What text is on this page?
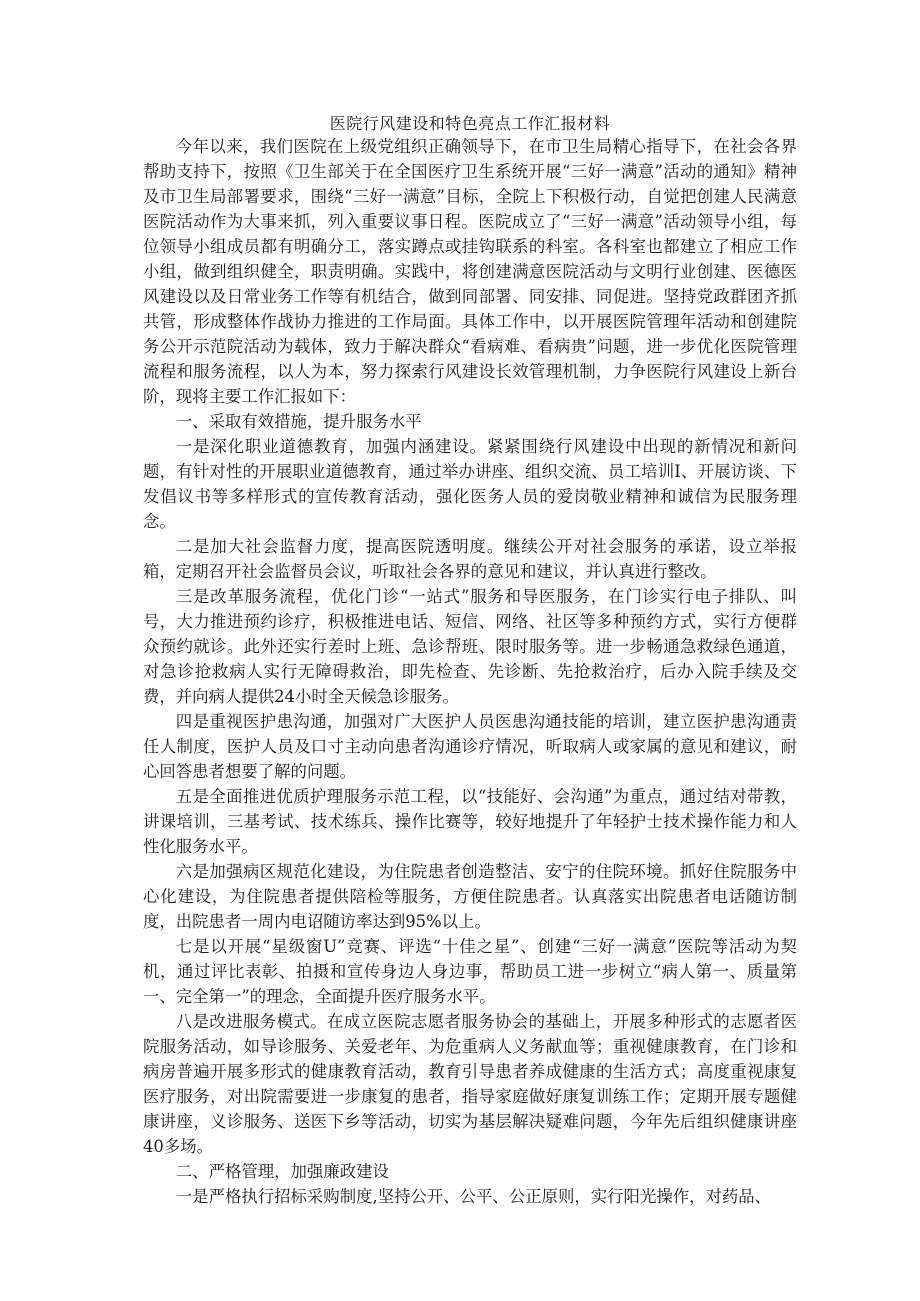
医院行风建设和特色亮点工作汇报材料

今年以来，我们医院在上级党组织正确领导下，在市卫生局精心指导下，在社会各界帮助支持下，按照《卫生部关于在全国医疗卫生系统开展“三好一满意”活动的通知》精神及市卫生局部署要求，围绕“三好一满意”目标，全院上下积极行动，自觉把创建人民满意医院活动作为大事来抓，列入重要议事日程。医院成立了“三好一满意”活动领导小组，每位领导小组成员都有明确分工，落实蹲点或挂钩联系的科室。各科室也都建立了相应工作小组，做到组织健全，职责明确。实践中，将创建满意医院活动与文明行业创建、医德医风建设以及日常业务工作等有机结合，做到同部署、同安排、同促进。坚持党政群团齐抓共管，形成整体作战协力推进的工作局面。具体工作中，以开展医院管理年活动和创建院务公开示范院活动为载体，致力于解决群众“看病难、看病贵”问题，进一步优化医院管理流程和服务流程，以人为本，努力探索行风建设长效管理机制，力争医院行风建设上新台阶，现将主要工作汇报如下：

一、采取有效措施，提升服务水平

一是深化职业道德教育，加强内涵建设。紧紧围绕行风建设中出现的新情况和新问题，有针对性的开展职业道德教育，通过举办讲座、组织交流、员工培训Ⅰ、开展访谈、下发倡议书等多样形式的宣传教育活动，强化医务人员的爱岗敬业精神和诚信为民服务理念。

二是加大社会监督力度，提高医院透明度。继续公开对社会服务的承诺，设立举报箱，定期召开社会监督员会议，听取社会各界的意见和建议，并认真进行整改。

三是改革服务流程，优化门诊“一站式”服务和导医服务，在门诊实行电子排队、叫号，大力推进预约诊疗，积极推进电话、短信、网络、社区等多种预约方式，实行方便群众预约就诊。此外还实行差时上班、急诊帮班、限时服务等。进一步畅通急救绿色通道，对急诊抢救病人实行无障碍救治，即先检查、先诊断、先抢救治疗，后办入院手续及交费，并向病人提供24小时全天候急诊服务。

四是重视医护患沟通，加强对广大医护人员医患沟通技能的培训，建立医护患沟通责任人制度，医护人员及口寸主动向患者沟通诊疗情况，听取病人或家属的意见和建议，耐心回答患者想要了解的问题。

五是全面推进优质护理服务示范工程，以“技能好、会沟通”为重点，通过结对带教，讲课培训，三基考试、技术练兵、操作比赛等，较好地提升了年轻护士技术操作能力和人性化服务水平。

六是加强病区规范化建设，为住院患者创造整洁、安宁的住院环境。抓好住院服务中心化建设，为住院患者提供陪检等服务，方便住院患者。认真落实出院患者电话随访制度，出院患者一周内电诏随访率达到95%以上。

七是以开展“星级窗U”竞赛、评选“十佳之星”、创建“三好一满意”医院等活动为契机，通过评比表彰、拍摄和宣传身边人身边事，帮助员工进一步树立“病人第一、质量第一、完全第一”的理念，全面提升医疗服务水平。

八是改进服务模式。在成立医院志愿者服务协会的基础上，开展多种形式的志愿者医院服务活动，如导诊服务、关爱老年、为危重病人义务献血等；重视健康教育，在门诊和病房普遍开展多形式的健康教育活动，教育引导患者养成健康的生活方式；高度重视康复医疗服务，对出院需要进一步康复的患者，指导家庭做好康复训练工作；定期开展专题健康讲座，义诊服务、送医下乡等活动，切实为基层解决疑难问题，今年先后组织健康讲座40多场。

二、严格管理，加强廉政建设

一是严格执行招标采购制度,坚持公开、公平、公正原则，实行阳光操作，对药品、
